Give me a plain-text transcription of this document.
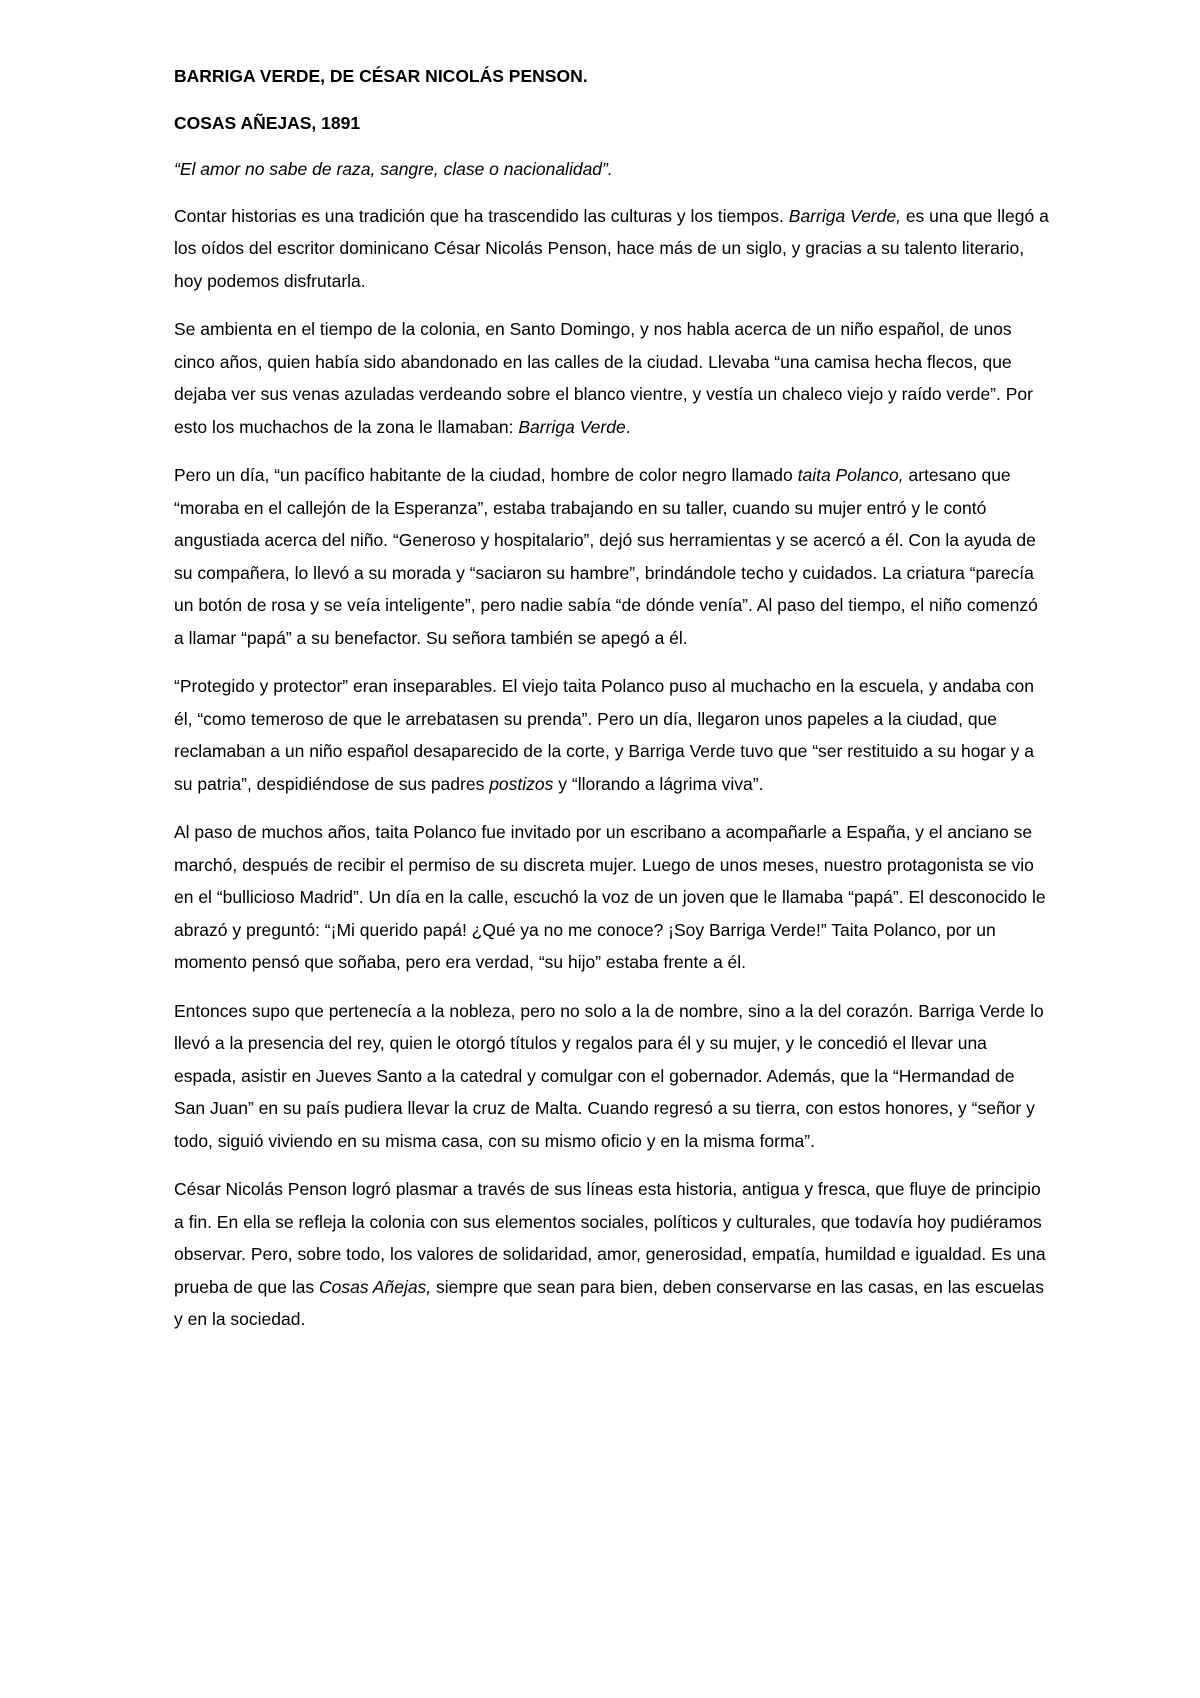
BARRIGA VERDE, DE CÉSAR NICOLÁS PENSON.

COSAS AÑEJAS, 1891

“El amor no sabe de raza, sangre, clase o nacionalidad”.

Contar historias es una tradición que ha trascendido las culturas y los tiempos. Barriga Verde, es una que llegó a los oídos del escritor dominicano César Nicolás Penson, hace más de un siglo, y gracias a su talento literario, hoy podemos disfrutarla.

Se ambienta en el tiempo de la colonia, en Santo Domingo, y nos habla acerca de un niño español, de unos cinco años, quien había sido abandonado en las calles de la ciudad. Llevaba “una camisa hecha flecos, que dejaba ver sus venas azuladas verdeando sobre el blanco vientre, y vestía un chaleco viejo y raído verde”. Por esto los muchachos de la zona le llamaban: Barriga Verde.

Pero un día, “un pacífico habitante de la ciudad, hombre de color negro llamado taita Polanco, artesano que “moraba en el callejón de la Esperanza”, estaba trabajando en su taller, cuando su mujer entró y le contó angustiada acerca del niño. “Generoso y hospitalario”, dejó sus herramientas y se acercó a él. Con la ayuda de su compañera, lo llevó a su morada y “saciaron su hambre”, brindándole techo y cuidados. La criatura “parecía un botón de rosa y se veía inteligente”, pero nadie sabía “de dónde venía”. Al paso del tiempo, el niño comenzó a llamar “papá” a su benefactor. Su señora también se apegó a él.

“Protegido y protector” eran inseparables. El viejo taita Polanco puso al muchacho en la escuela, y andaba con él, “como temeroso de que le arrebatasen su prenda”. Pero un día, llegaron unos papeles a la ciudad, que reclamaban a un niño español desaparecido de la corte, y Barriga Verde tuvo que “ser restituido a su hogar y a su patria”, despidiéndose de sus padres postizos y “llorando a lágrima viva”.

Al paso de muchos años, taita Polanco fue invitado por un escribano a acompañarle a España, y el anciano se marchó, después de recibir el permiso de su discreta mujer. Luego de unos meses, nuestro protagonista se vio en el “bullicioso Madrid”. Un día en la calle, escuchó la voz de un joven que le llamaba “papá”. El desconocido le abrazó y preguntó: “¡Mi querido papá! ¿Qué ya no me conoce? ¡Soy Barriga Verde!” Taita Polanco, por un momento pensó que soñaba, pero era verdad, “su hijo” estaba frente a él.

Entonces supo que pertenecía a la nobleza, pero no solo a la de nombre, sino a la del corazón. Barriga Verde lo llevó a la presencia del rey, quien le otorgó títulos y regalos para él y su mujer, y le concedió el llevar una espada, asistir en Jueves Santo a la catedral y comulgar con el gobernador. Además, que la “Hermandad de San Juan” en su país pudiera llevar la cruz de Malta. Cuando regresó a su tierra, con estos honores, y “señor y todo, siguió viviendo en su misma casa, con su mismo oficio y en la misma forma”.

César Nicolás Penson logró plasmar a través de sus líneas esta historia, antigua y fresca, que fluye de principio a fin. En ella se refleja la colonia con sus elementos sociales, políticos y culturales, que todavía hoy pudiéramos observar. Pero, sobre todo, los valores de solidaridad, amor, generosidad, empatía, humildad e igualdad. Es una prueba de que las Cosas Añejas, siempre que sean para bien, deben conservarse en las casas, en las escuelas y en la sociedad.
